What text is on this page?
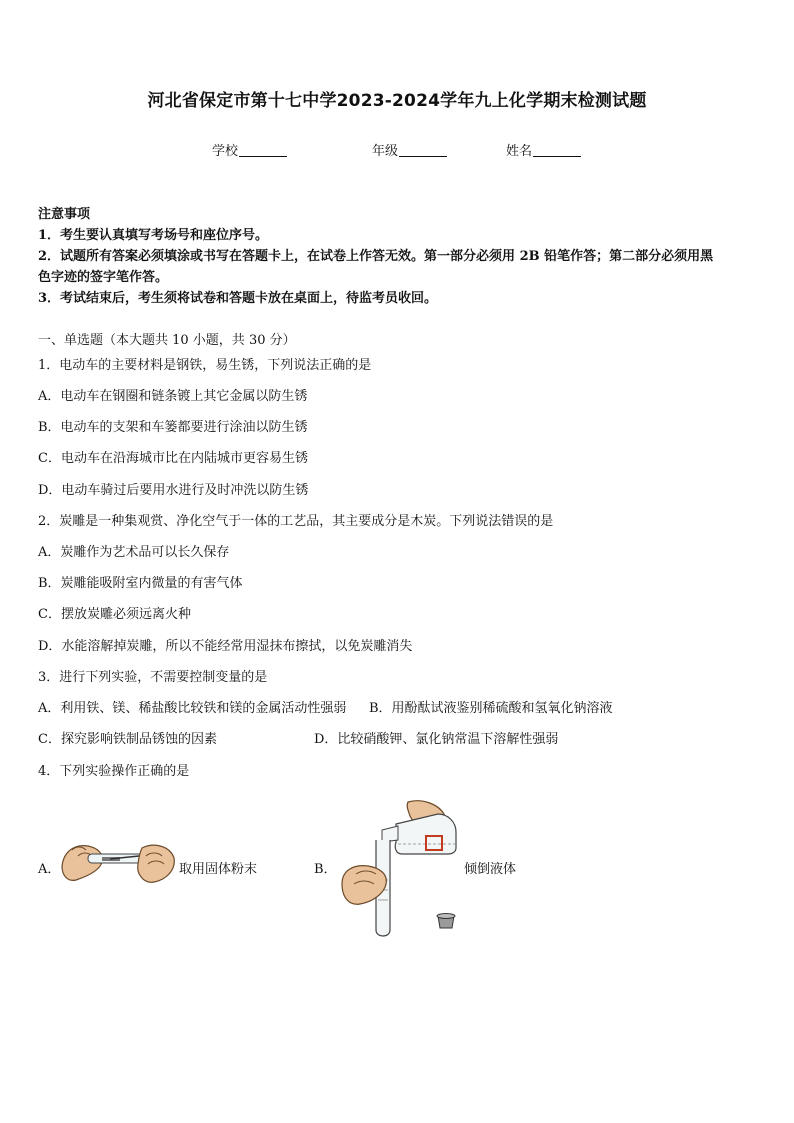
河北省保定市第十七中学2023-2024学年九上化学期末检测试题
学校	年级	姓名
注意事项
1．考生要认真填写考场号和座位序号。
2．试题所有答案必须填涂或书写在答题卡上，在试卷上作答无效。第一部分必须用 2B 铅笔作答；第二部分必须用黑
色字迹的签字笔作答。
3．考试结束后，考生须将试卷和答题卡放在桌面上，待监考员收回。
一、单选题（本大题共 10 小题，共 30 分）
1．电动车的主要材料是钢铁，易生锈，下列说法正确的是
A．电动车在钢圈和链条镀上其它金属以防生锈
B．电动车的支架和车篓都要进行涂油以防生锈
C．电动车在沿海城市比在内陆城市更容易生锈
D．电动车骑过后要用水进行及时冲洗以防生锈
2．炭雕是一种集观赏、净化空气于一体的工艺品，其主要成分是木炭。下列说法错误的是
A．炭雕作为艺术品可以长久保存
B．炭雕能吸附室内微量的有害气体
C．摆放炭雕必须远离火种
D．水能溶解掉炭雕，所以不能经常用湿抹布擦拭，以免炭雕消失
3．进行下列实验，不需要控制变量的是
A．利用铁、镁、稀盐酸比较铁和镁的金属活动性强弱 B．用酚酞试液鉴别稀硫酸和氢氧化钠溶液
C．探究影响铁制品锈蚀的因素	D．比较硝酸钾、氯化钠常温下溶解性强弱
4．下列实验操作正确的是
A．	取用固体粉末	B．	倾倒液体
